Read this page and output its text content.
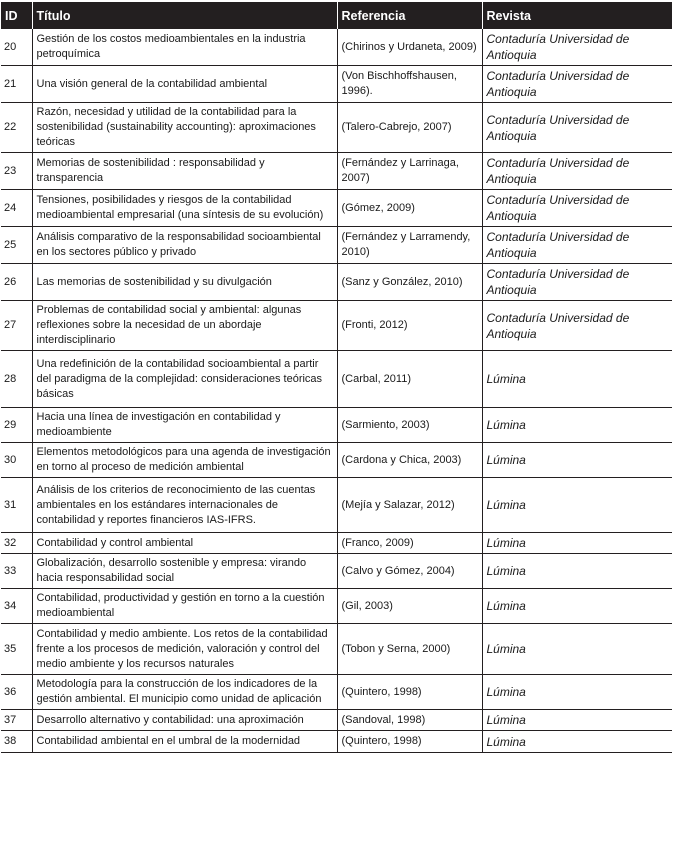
ID	Título	Referencia	Revista
20	Gestión de los costos medioambientales en la industria petroquímica	(Chirinos y Urdaneta, 2009)	Contaduría Universidad de Antioquia
21	Una visión general de la contabilidad ambiental	(Von Bischhoffshausen, 1996).	Contaduría Universidad de Antioquia
22	Razón, necesidad y utilidad de la contabilidad para la sostenibilidad (sustainability accounting): aproximaciones teóricas	(Talero-Cabrejo, 2007)	Contaduría Universidad de Antioquia
23	Memorias de sostenibilidad : responsabilidad y transparencia	(Fernández y Larrinaga, 2007)	Contaduría Universidad de Antioquia
24	Tensiones, posibilidades y riesgos de la contabilidad medioambiental empresarial (una síntesis de su evolución)	(Gómez, 2009)	Contaduría Universidad de Antioquia
25	Análisis comparativo de la responsabilidad socioambiental en los sectores público y privado	(Fernández y Larramendy, 2010)	Contaduría Universidad de Antioquia
26	Las memorias de sostenibilidad y su divulgación	(Sanz y González, 2010)	Contaduría Universidad de Antioquia
27	Problemas de contabilidad social y ambiental: algunas reflexiones sobre la necesidad de un abordaje interdisciplinario	(Fronti, 2012)	Contaduría Universidad de Antioquia
28	Una redefinición de la contabilidad socioambiental a partir del paradigma de la complejidad: consideraciones teóricas básicas	(Carbal, 2011)	Lúmina
29	Hacia una línea de investigación en contabilidad y medioambiente	(Sarmiento, 2003)	Lúmina
30	Elementos metodológicos para una agenda de investigación en torno al proceso de medición ambiental	(Cardona y Chica, 2003)	Lúmina
31	Análisis de los criterios de reconocimiento de las cuentas ambientales en los estándares internacionales de contabilidad y reportes financieros IAS-IFRS.	(Mejía y Salazar, 2012)	Lúmina
32	Contabilidad y control ambiental	(Franco, 2009)	Lúmina
33	Globalización, desarrollo sostenible y empresa: virando hacia responsabilidad social	(Calvo y Gómez, 2004)	Lúmina
34	Contabilidad, productividad y gestión en torno a la cuestión medioambiental	(Gil, 2003)	Lúmina
35	Contabilidad y medio ambiente. Los retos de la contabilidad frente a los procesos de medición, valoración y control del medio ambiente y los recursos naturales	(Tobon y Serna, 2000)	Lúmina
36	Metodología para la construcción de los indicadores de la gestión ambiental. El municipio como unidad de aplicación	(Quintero, 1998)	Lúmina
37	Desarrollo alternativo y contabilidad: una aproximación	(Sandoval, 1998)	Lúmina
38	Contabilidad ambiental en el umbral de la modernidad	(Quintero, 1998)	Lúmina
